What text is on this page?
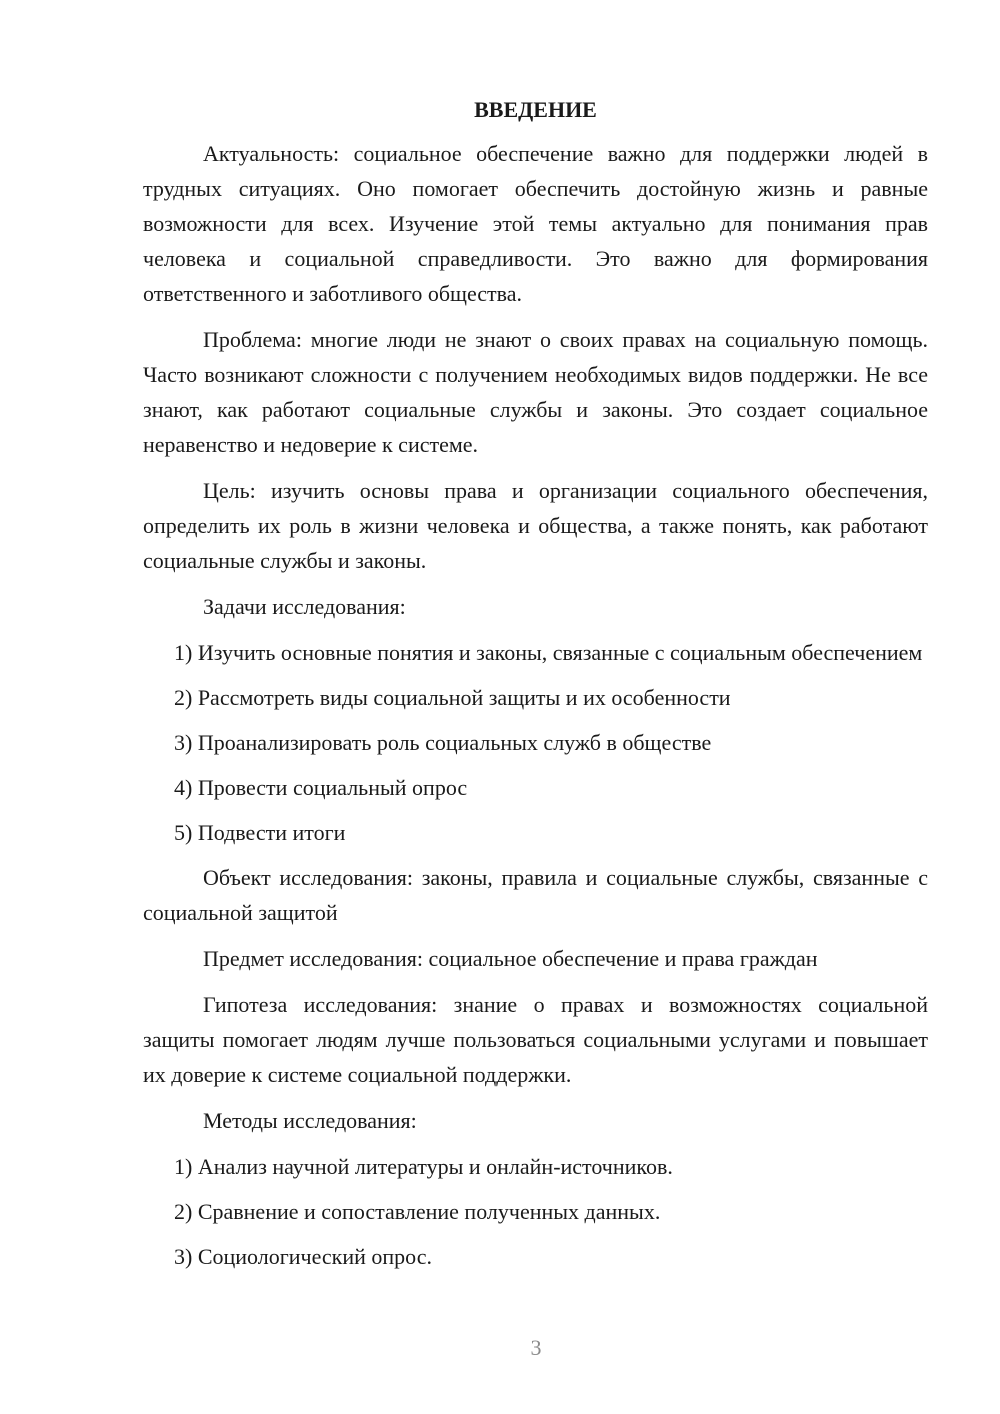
ВВЕДЕНИЕ

Актуальность: социальное обеспечение важно для поддержки людей в трудных ситуациях. Оно помогает обеспечить достойную жизнь и равные возможности для всех. Изучение этой темы актуально для понимания прав человека и социальной справедливости. Это важно для формирования ответственного и заботливого общества.

Проблема: многие люди не знают о своих правах на социальную помощь. Часто возникают сложности с получением необходимых видов поддержки. Не все знают, как работают социальные службы и законы. Это создает социальное неравенство и недоверие к системе.

Цель: изучить основы права и организации социального обеспечения, определить их роль в жизни человека и общества, а также понять, как работают социальные службы и законы.

Задачи исследования:

1) Изучить основные понятия и законы, связанные с социальным обеспечением

2) Рассмотреть виды социальной защиты и их особенности

3) Проанализировать роль социальных служб в обществе

4) Провести социальный опрос

5) Подвести итоги

Объект исследования: законы, правила и социальные службы, связанные с социальной защитой

Предмет исследования: социальное обеспечение и права граждан

Гипотеза исследования: знание о правах и возможностях социальной защиты помогает людям лучше пользоваться социальными услугами и повышает их доверие к системе социальной поддержки.

Методы исследования:

1) Анализ научной литературы и онлайн-источников.

2) Сравнение и сопоставление полученных данных.

3) Социологический опрос.

3
